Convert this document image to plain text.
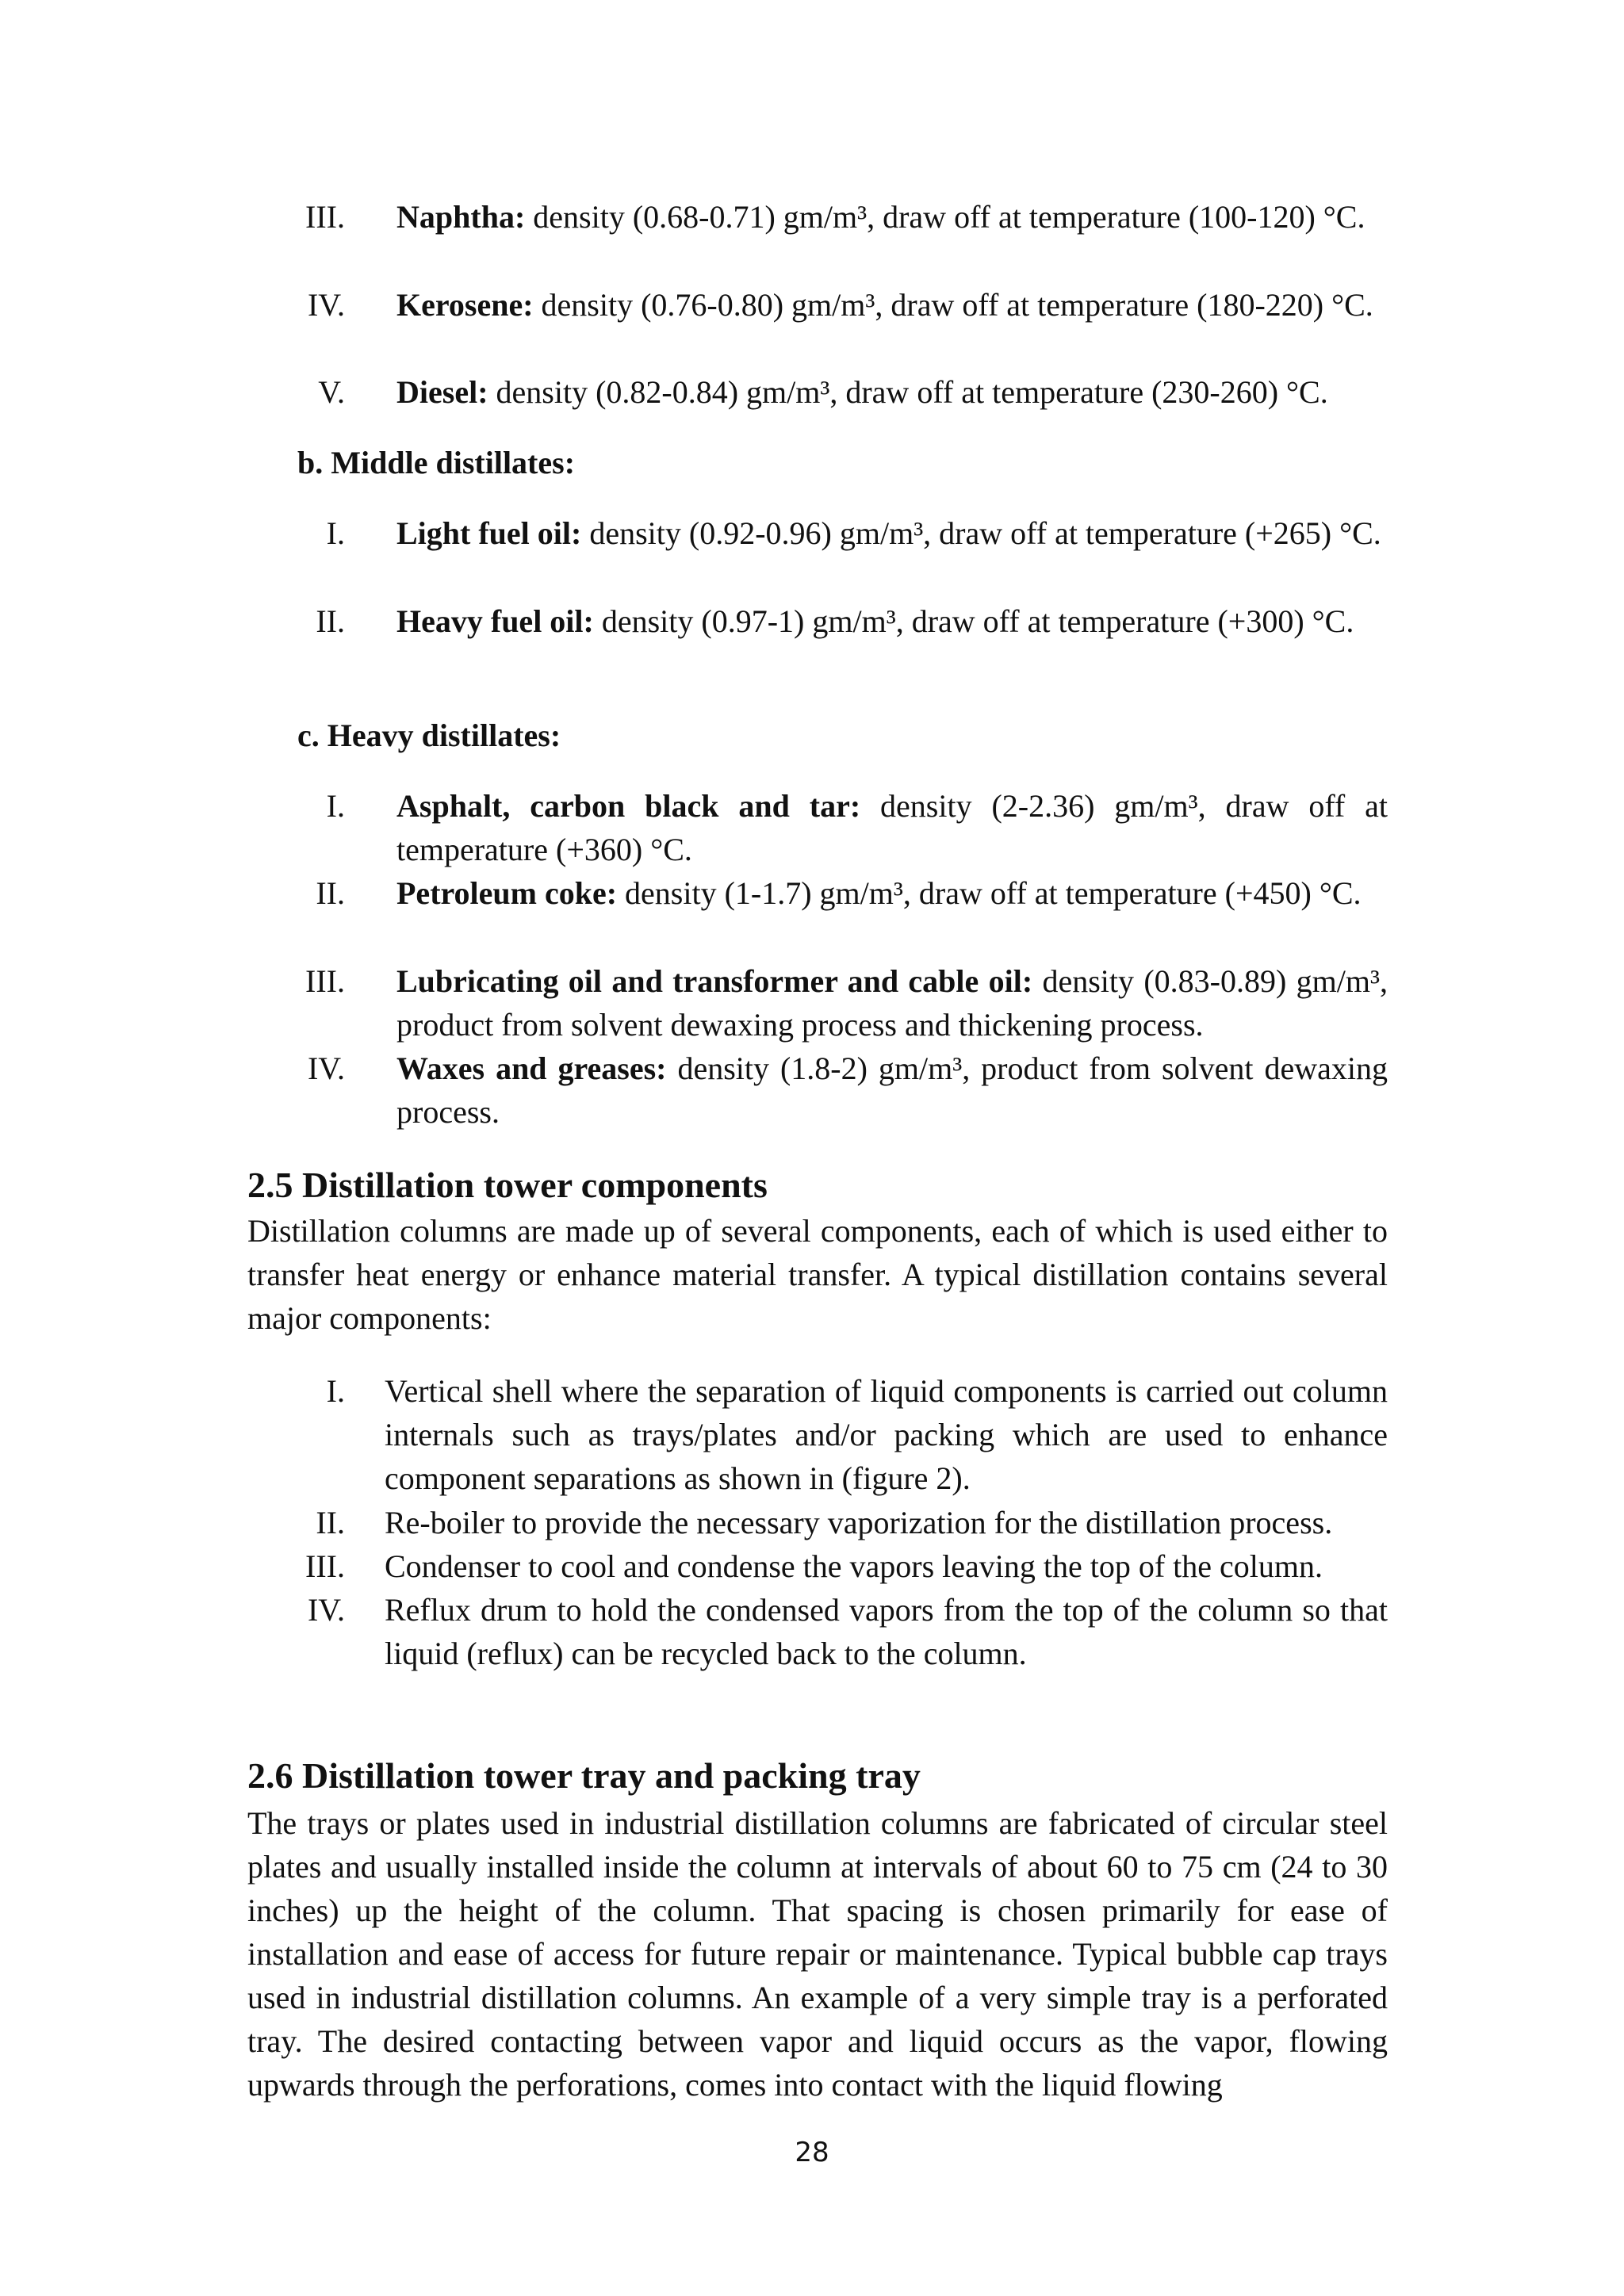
III. Naphtha: density (0.68-0.71) gm/m³, draw off at temperature (100-120) °C.
IV. Kerosene: density (0.76-0.80) gm/m³, draw off at temperature (180-220) °C.
V. Diesel: density (0.82-0.84) gm/m³, draw off at temperature (230-260) °C.
b. Middle distillates:
I. Light fuel oil: density (0.92-0.96) gm/m³, draw off at temperature (+265) °C.
II. Heavy fuel oil: density (0.97-1) gm/m³, draw off at temperature (+300) °C.
c. Heavy distillates:
I. Asphalt, carbon black and tar: density (2-2.36) gm/m³, draw off at temperature (+360) °C.
II. Petroleum coke: density (1-1.7) gm/m³, draw off at temperature (+450) °C.
III. Lubricating oil and transformer and cable oil: density (0.83-0.89) gm/m³, product from solvent dewaxing process and thickening process.
IV. Waxes and greases: density (1.8-2) gm/m³, product from solvent dewaxing process.
2.5 Distillation tower components
Distillation columns are made up of several components, each of which is used either to transfer heat energy or enhance material transfer. A typical distillation contains several major components:
I. Vertical shell where the separation of liquid components is carried out column internals such as trays/plates and/or packing which are used to enhance component separations as shown in (figure 2).
II. Re-boiler to provide the necessary vaporization for the distillation process.
III. Condenser to cool and condense the vapors leaving the top of the column.
IV. Reflux drum to hold the condensed vapors from the top of the column so that liquid (reflux) can be recycled back to the column.
2.6 Distillation tower tray and packing tray
The trays or plates used in industrial distillation columns are fabricated of circular steel plates and usually installed inside the column at intervals of about 60 to 75 cm (24 to 30 inches) up the height of the column. That spacing is chosen primarily for ease of installation and ease of access for future repair or maintenance. Typical bubble cap trays used in industrial distillation columns. An example of a very simple tray is a perforated tray. The desired contacting between vapor and liquid occurs as the vapor, flowing upwards through the perforations, comes into contact with the liquid flowing
28
